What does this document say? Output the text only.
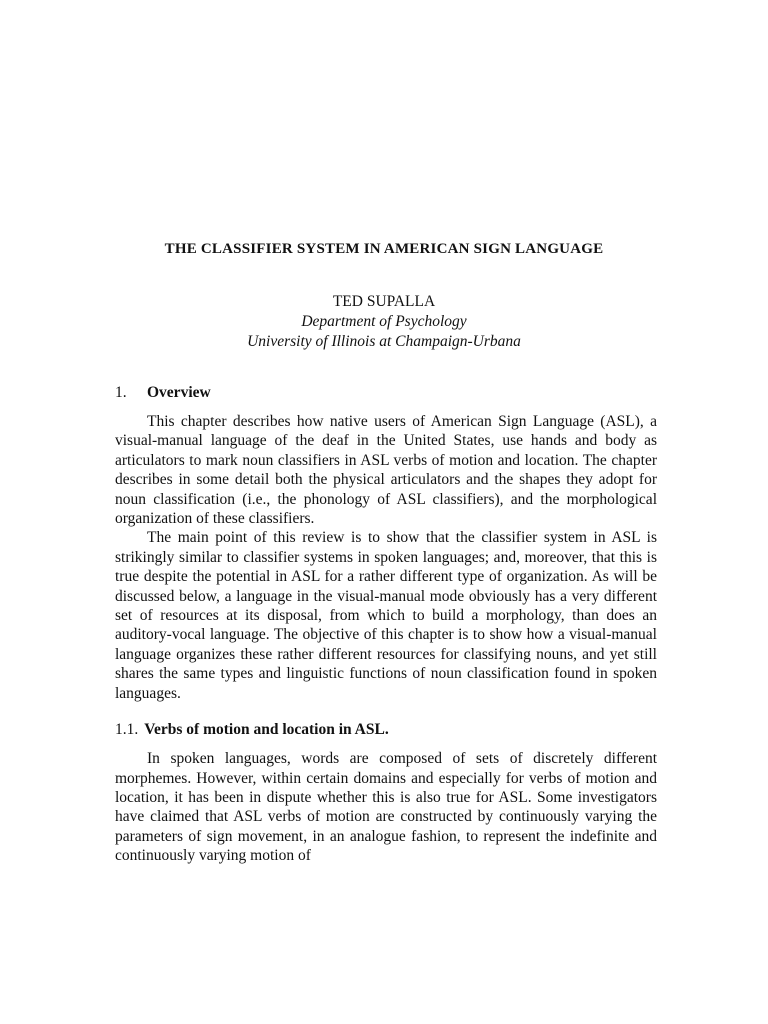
THE CLASSIFIER SYSTEM IN AMERICAN SIGN LANGUAGE
TED SUPALLA
Department of Psychology
University of Illinois at Champaign-Urbana
1. Overview

This chapter describes how native users of American Sign Language (ASL), a visual-manual language of the deaf in the United States, use hands and body as articulators to mark noun classifiers in ASL verbs of motion and location. The chapter describes in some detail both the physical articulators and the shapes they adopt for noun classification (i.e., the phonology of ASL classifiers), and the morphological organization of these classifiers.

The main point of this review is to show that the classifier system in ASL is strikingly similar to classifier systems in spoken languages; and, moreover, that this is true despite the potential in ASL for a rather different type of organization. As will be discussed below, a language in the visual-manual mode obviously has a very different set of resources at its disposal, from which to build a morphology, than does an auditory-vocal language. The objective of this chapter is to show how a visual-manual language organizes these rather different resources for classifying nouns, and yet still shares the same types and linguistic functions of noun classification found in spoken languages.

1.1. Verbs of motion and location in ASL.

In spoken languages, words are composed of sets of discretely different morphemes. However, within certain domains and especially for verbs of motion and location, it has been in dispute whether this is also true for ASL. Some investigators have claimed that ASL verbs of motion are constructed by continuously varying the parameters of sign movement, in an analogue fashion, to represent the indefinite and continuously varying motion of
